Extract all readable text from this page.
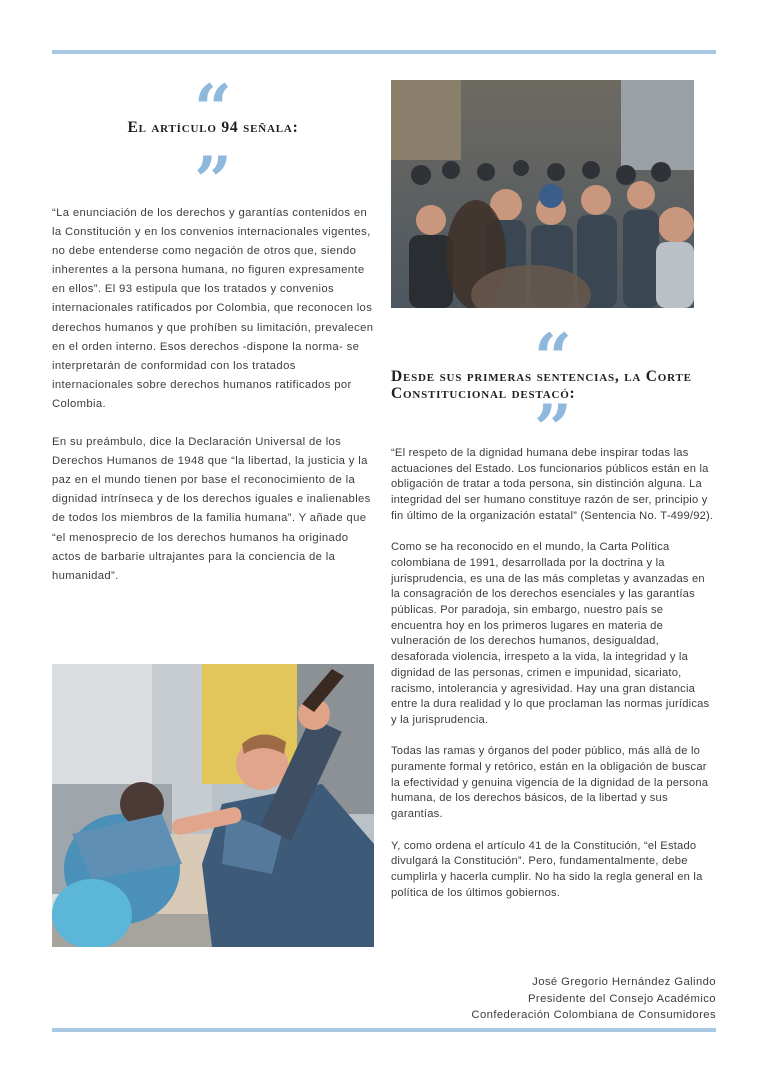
“
El artículo 94 señala:
”

“La enunciación de los derechos y garantías contenidos en la Constitución y en los convenios internacionales vigentes, no debe entenderse como negación de otros que, siendo inherentes a la persona humana, no figuren expresamente en ellos”. El 93 estipula que los tratados y convenios internacionales ratificados por Colombia, que reconocen los derechos humanos y que prohíben su limitación, prevalecen en el orden interno. Esos derechos -dispone la norma- se interpretarán de conformidad con los tratados internacionales sobre derechos humanos ratificados por Colombia.

En su preámbulo, dice la Declaración Universal de los Derechos Humanos de 1948 que “la libertad, la justicia y la paz en el mundo tienen por base el reconocimiento de la dignidad intrínseca y de los derechos iguales e inalienables de todos los miembros de la familia humana”. Y añade que “el menosprecio de los derechos humanos ha originado actos de barbarie ultrajantes para la conciencia de la humanidad”.

“
Desde sus primeras sentencias, la Corte Constitucional destacó:
”

“El respeto de la dignidad humana debe inspirar todas las actuaciones del Estado. Los funcionarios públicos están en la obligación de tratar a toda persona, sin distinción alguna. La integridad del ser humano constituye razón de ser, principio y fin último de la organización estatal” (Sentencia No. T-499/92).

Como se ha reconocido en el mundo, la Carta Política colombiana de 1991, desarrollada por la doctrina y la jurisprudencia, es una de las más completas y avanzadas en la consagración de los derechos esenciales y las garantías públicas. Por paradoja, sin embargo, nuestro país se encuentra hoy en los primeros lugares en materia de vulneración de los derechos humanos, desigualdad, desaforada violencia, irrespeto a la vida, la integridad y la dignidad de las personas, crimen e impunidad, sicariato, racismo, intolerancia y agresividad. Hay una gran distancia entre la dura realidad y lo que proclaman las normas jurídicas y la jurisprudencia.

Todas las ramas y órganos del poder público, más allá de lo puramente formal y retórico, están en la obligación de buscar la efectividad y genuina vigencia de la dignidad de la persona humana, de los derechos básicos, de la libertad y sus garantías.

Y, como ordena el artículo 41 de la Constitución, “el Estado divulgará la Constitución”. Pero, fundamentalmente, debe cumplirla y hacerla cumplir. No ha sido la regla general en la política de los últimos gobiernos.

José Gregorio Hernández Galindo
Presidente del Consejo Académico
Confederación Colombiana de Consumidores
